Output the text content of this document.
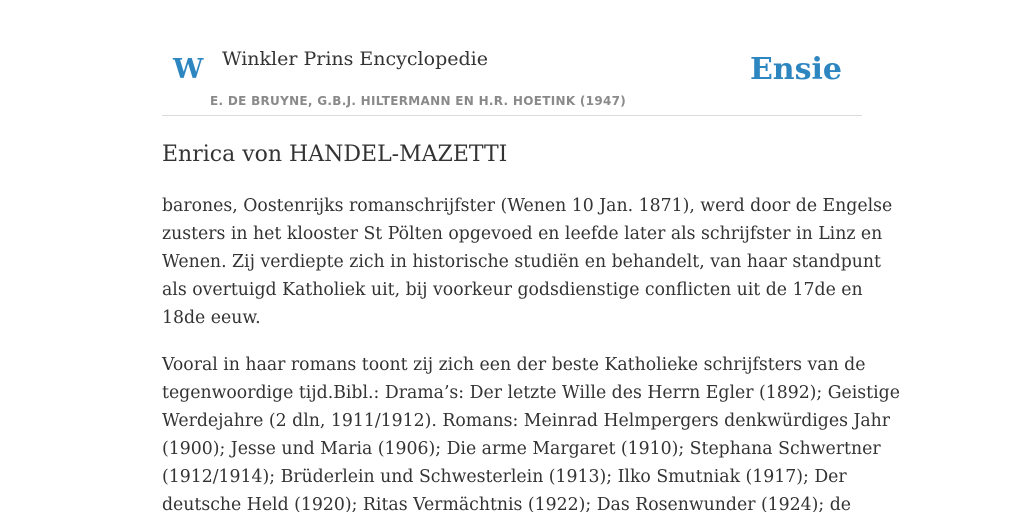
W Winkler Prins Encyclopedie
E. DE BRUYNE, G.B.J. HILTERMANN EN H.R. HOETINK (1947)
Ensie
Enrica von HANDEL-MAZETTI

barones, Oostenrijks romanschrijfster (Wenen 10 Jan. 1871), werd door de Engelse
zusters in het klooster St Pölten opgevoed en leefde later als schrijfster in Linz en
Wenen. Zij verdiepte zich in historische studiën en behandelt, van haar standpunt
als overtuigd Katholiek uit, bij voorkeur godsdienstige conflicten uit de 17de en
18de eeuw.

Vooral in haar romans toont zij zich een der beste Katholieke schrijfsters van de
tegenwoordige tijd.Bibl.: Drama’s: Der letzte Wille des Herrn Egler (1892); Geistige
Werdejahre (2 dln, 1911/1912). Romans: Meinrad Helmpergers denkwürdiges Jahr
(1900); Jesse und Maria (1906); Die arme Margaret (1910); Stephana Schwertner
(1912/1914); Brüderlein und Schwesterlein (1913); Ilko Smutniak (1917); Der
deutsche Held (1920); Ritas Vermächtnis (1922); Das Rosenwunder (1924); de
